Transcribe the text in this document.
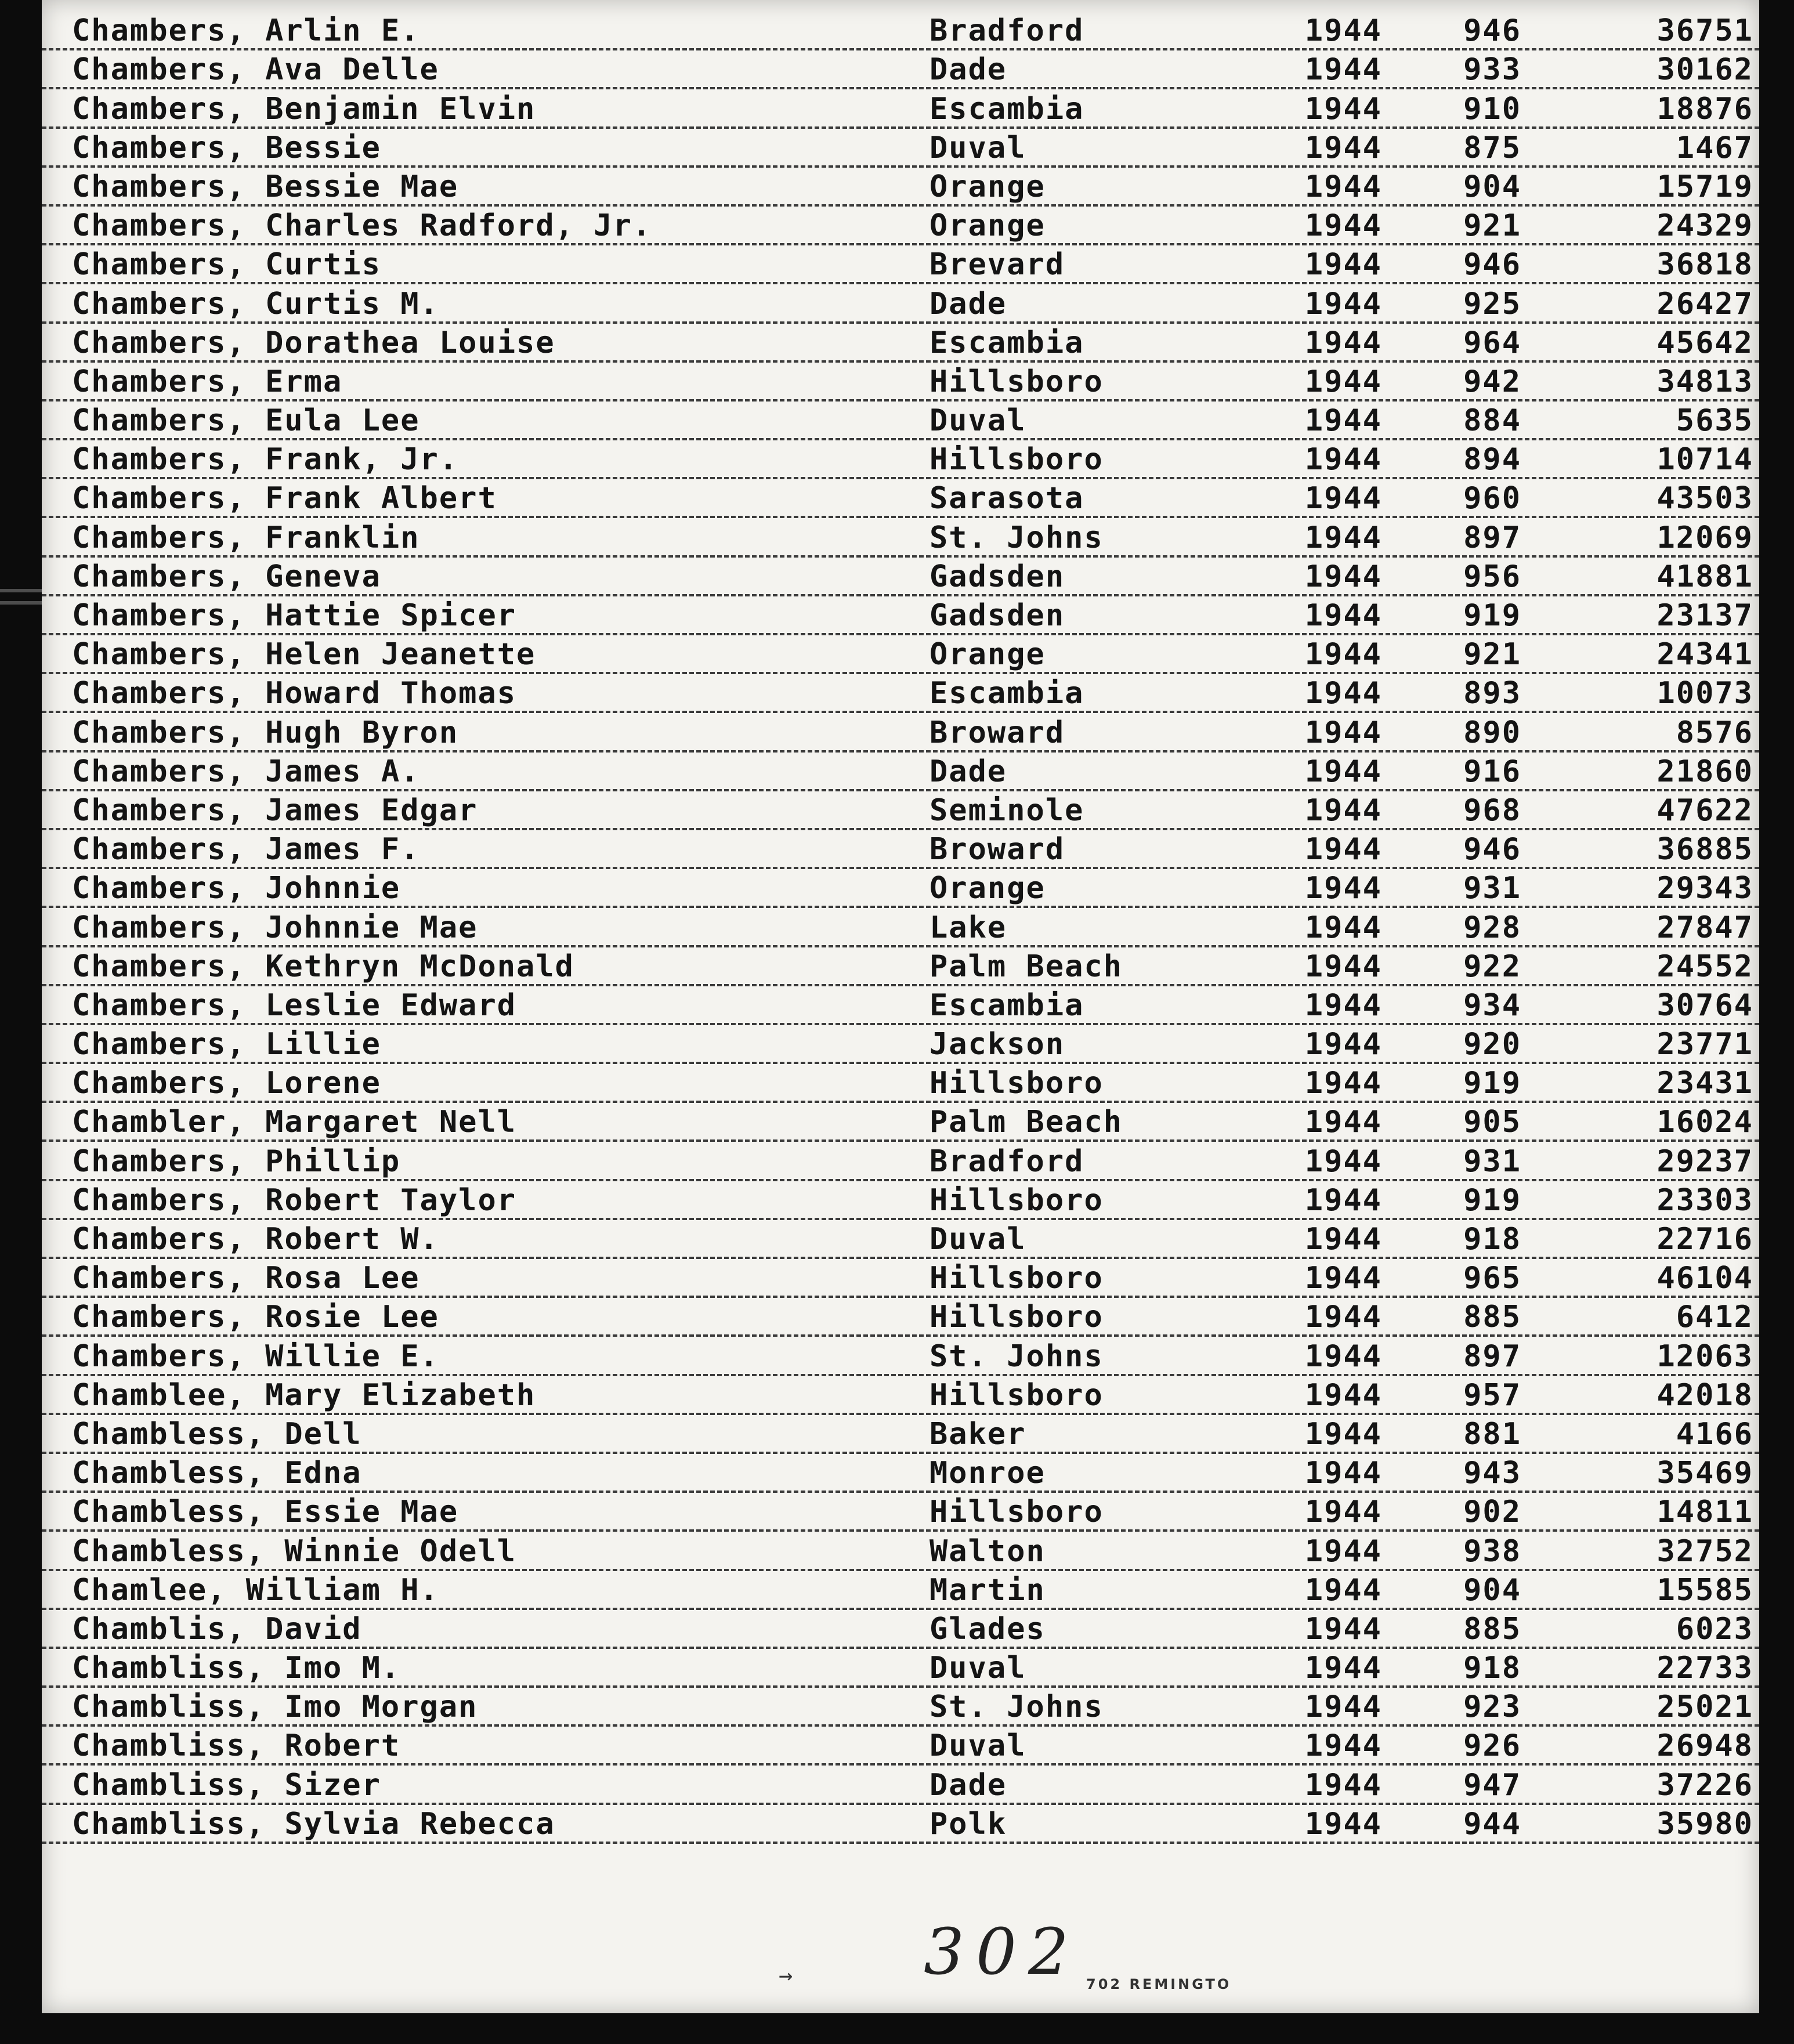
Chambers, Arlin E.	Bradford	1944	946	36751
Chambers, Ava Delle	Dade	1944	933	30162
Chambers, Benjamin Elvin	Escambia	1944	910	18876
Chambers, Bessie	Duval	1944	875	1467
Chambers, Bessie Mae	Orange	1944	904	15719
Chambers, Charles Radford, Jr.	Orange	1944	921	24329
Chambers, Curtis	Brevard	1944	946	36818
Chambers, Curtis M.	Dade	1944	925	26427
Chambers, Dorathea Louise	Escambia	1944	964	45642
Chambers, Erma	Hillsboro	1944	942	34813
Chambers, Eula Lee	Duval	1944	884	5635
Chambers, Frank, Jr.	Hillsboro	1944	894	10714
Chambers, Frank Albert	Sarasota	1944	960	43503
Chambers, Franklin	St. Johns	1944	897	12069
Chambers, Geneva	Gadsden	1944	956	41881
Chambers, Hattie Spicer	Gadsden	1944	919	23137
Chambers, Helen Jeanette	Orange	1944	921	24341
Chambers, Howard Thomas	Escambia	1944	893	10073
Chambers, Hugh Byron	Broward	1944	890	8576
Chambers, James A.	Dade	1944	916	21860
Chambers, James Edgar	Seminole	1944	968	47622
Chambers, James F.	Broward	1944	946	36885
Chambers, Johnnie	Orange	1944	931	29343
Chambers, Johnnie Mae	Lake	1944	928	27847
Chambers, Kethryn McDonald	Palm Beach	1944	922	24552
Chambers, Leslie Edward	Escambia	1944	934	30764
Chambers, Lillie	Jackson	1944	920	23771
Chambers, Lorene	Hillsboro	1944	919	23431
Chambler, Margaret Nell	Palm Beach	1944	905	16024
Chambers, Phillip	Bradford	1944	931	29237
Chambers, Robert Taylor	Hillsboro	1944	919	23303
Chambers, Robert W.	Duval	1944	918	22716
Chambers, Rosa Lee	Hillsboro	1944	965	46104
Chambers, Rosie Lee	Hillsboro	1944	885	6412
Chambers, Willie E.	St. Johns	1944	897	12063
Chamblee, Mary Elizabeth	Hillsboro	1944	957	42018
Chambless, Dell	Baker	1944	881	4166
Chambless, Edna	Monroe	1944	943	35469
Chambless, Essie Mae	Hillsboro	1944	902	14811
Chambless, Winnie Odell	Walton	1944	938	32752
Chamlee, William H.	Martin	1944	904	15585
Chamblis, David	Glades	1944	885	6023
Chambliss, Imo M.	Duval	1944	918	22733
Chambliss, Imo Morgan	St. Johns	1944	923	25021
Chambliss, Robert	Duval	1944	926	26948
Chambliss, Sizer	Dade	1944	947	37226
Chambliss, Sylvia Rebecca	Polk	1944	944	35980
302
→	702 REMINGTO
